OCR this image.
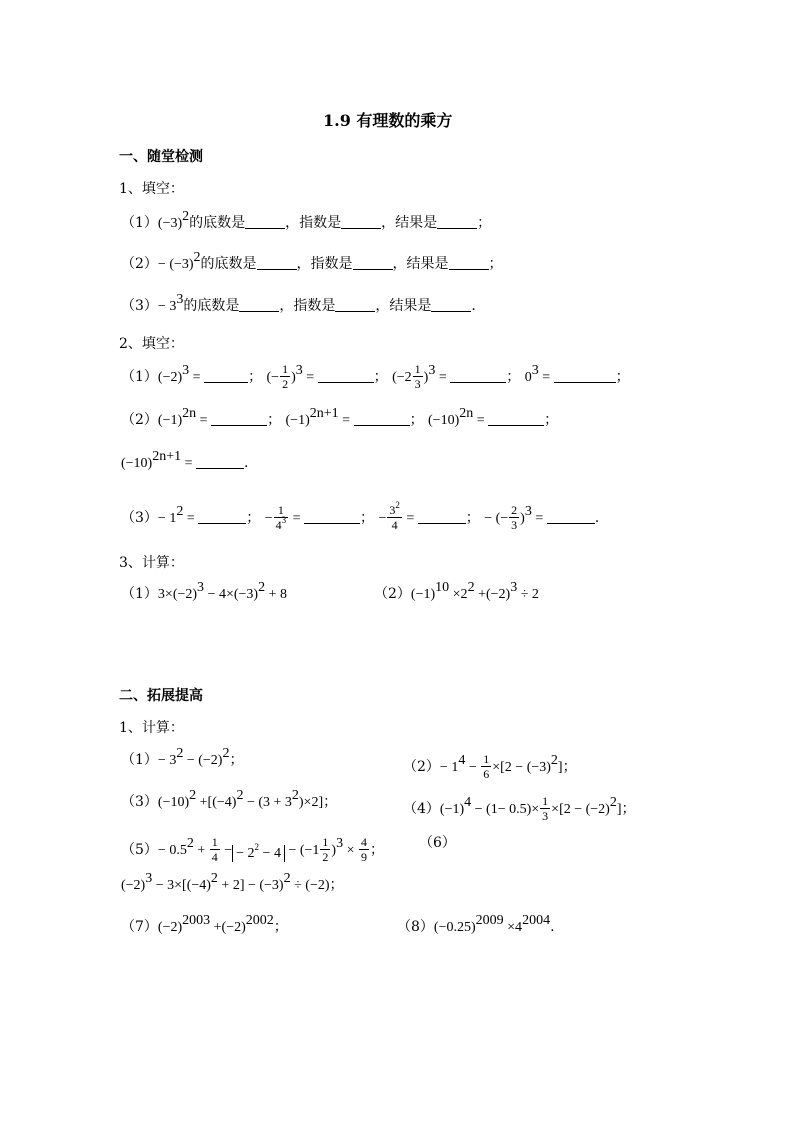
1.9 有理数的乘方
一、随堂检测
1、填空：
$(1)(-3)^2$的底数是	，指数是	，结果是	；
$(2)- (-3)^2$的底数是	，指数是	，结果是	；
$(3)- 3^3$的底数是	，指数是	，结果是	.
2、填空：
$(1)(-2)^3$ =	； (− $\frac{1}{2} )^3$ =	； $(-2 \frac{1}{3} )^3$ =	； $0^3$ =	；
$(2)(-1)^{2n}$ =	； $(-1)^{2n+1}$ =	； $(-10)^{2n}$ =	；
$(-10)^{2n+1}$ =	.
$(3)- 1^2$ =	； − $\frac{1}{4^3}$ =	； − $\frac{3^2}{4}$ =	； − (− $\frac{2}{3} )^3$ =	.
3、计算：
$(1)3\times(-2)^3 - 4\times(-3)^2 + 8$	$(2)(-1)^{10} \times 2^2 +(-2)^3 \div 2$
二、拓展提高
1、计算：
$(1)- 3^2 - (-2)^2$；	$(2)- 1^4 - \frac{1}{6} \times[2 - (-3)^2]$；
$(3)(-10)^2 +[(-4)^2 - (3 + 3^2)\times 2]$；	$(4)(-1)^4 - (1- 0.5)\times \frac{1}{3} \times[2 - (-2)^2]$；
$(5)- 0.5^2 + \frac{1}{4}$ − − $2^2 - 4 - (-1 \frac{1}{2} )^3 \times \frac{4}{9}$ ；	（6）
$(-2)^3 - 3\times[(-4)^2 + 2] - (-3)^2 \div (-2)$；
$(7)(-2)^{2003} +(-2)^{2002}$；	$(8)(-0.25)^{2009} \times 4^{2004}$.
